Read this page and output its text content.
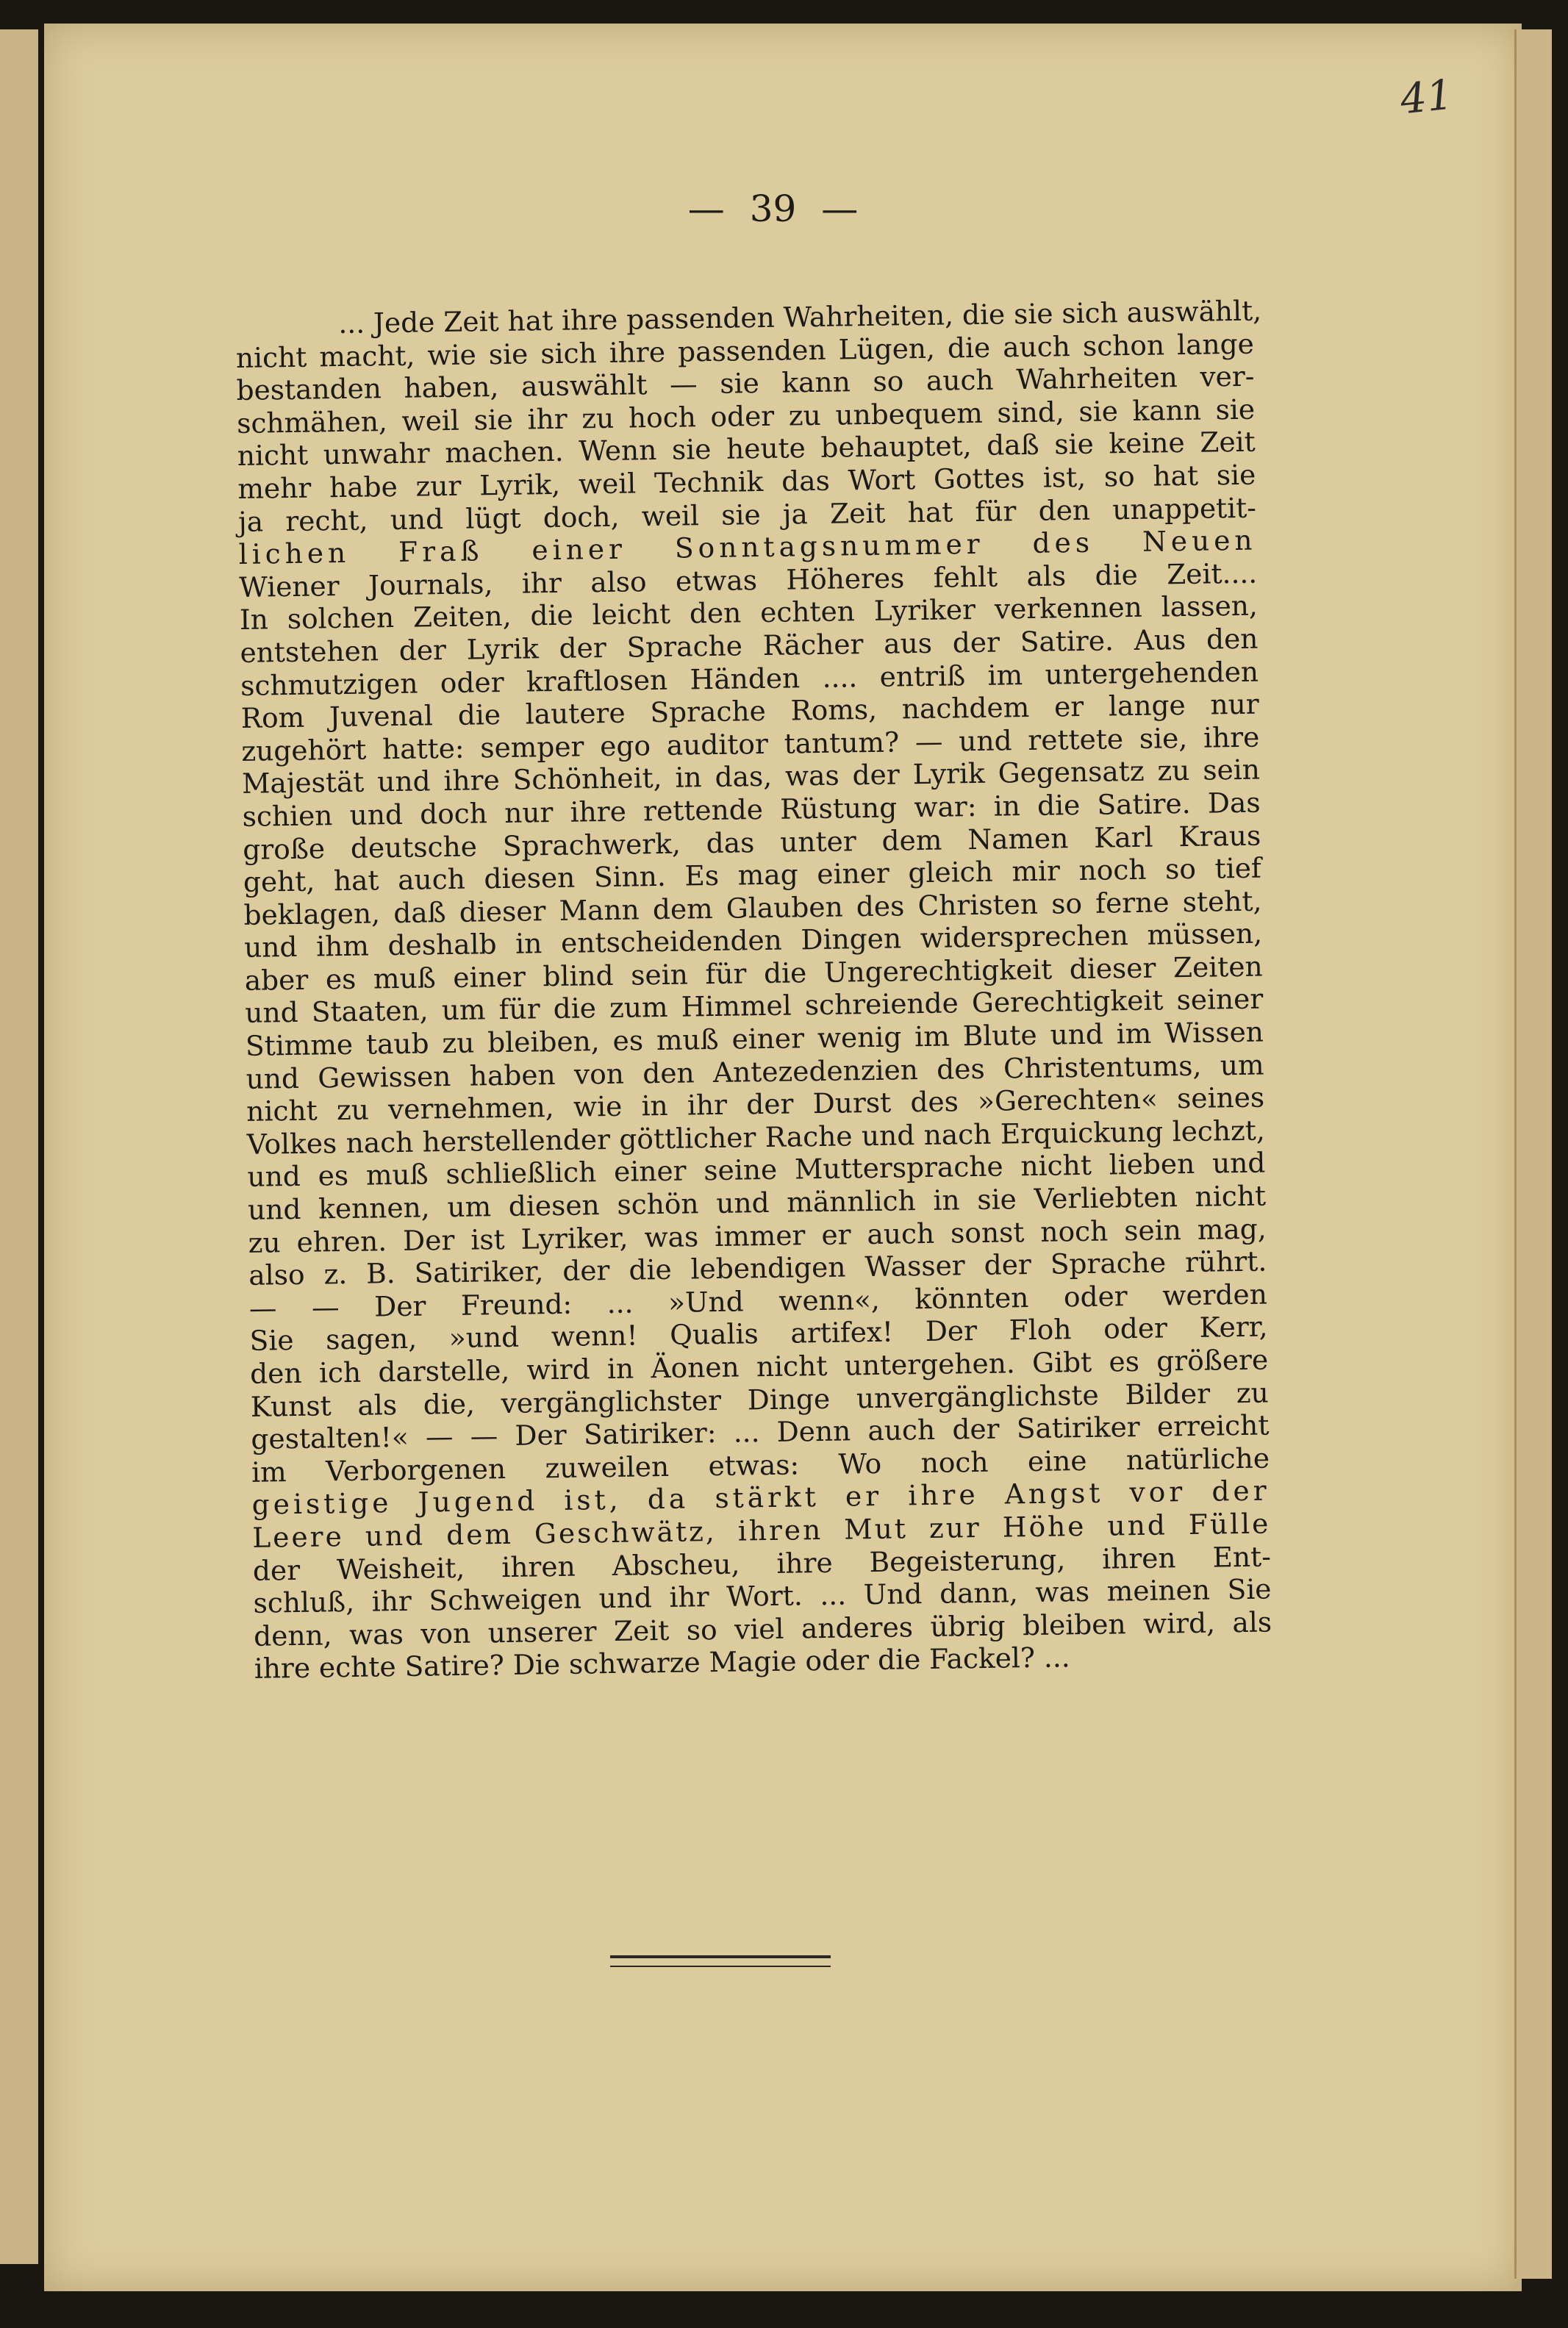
41
— 39 —
... Jede Zeit hat ihre passenden Wahrheiten, die sie sich auswählt,
nicht macht, wie sie sich ihre passenden Lügen, die auch schon lange
bestanden haben, auswählt — sie kann so auch Wahrheiten ver-
schmähen, weil sie ihr zu hoch oder zu unbequem sind, sie kann sie
nicht unwahr machen. Wenn sie heute behauptet, daß sie keine Zeit
mehr habe zur Lyrik, weil Technik das Wort Gottes ist, so hat sie
ja recht, und lügt doch, weil sie ja Zeit hat für den unappetit-
lichen Fraß einer Sonntagsnummer des Neuen
Wiener Journals, ihr also etwas Höheres fehlt als die Zeit....
In solchen Zeiten, die leicht den echten Lyriker verkennen lassen,
entstehen der Lyrik der Sprache Rächer aus der Satire. Aus den
schmutzigen oder kraftlosen Händen .... entriß im untergehenden
Rom Juvenal die lautere Sprache Roms, nachdem er lange nur
zugehört hatte: semper ego auditor tantum? — und rettete sie, ihre
Majestät und ihre Schönheit, in das, was der Lyrik Gegensatz zu sein
schien und doch nur ihre rettende Rüstung war: in die Satire. Das
große deutsche Sprachwerk, das unter dem Namen Karl Kraus
geht, hat auch diesen Sinn. Es mag einer gleich mir noch so tief
beklagen, daß dieser Mann dem Glauben des Christen so ferne steht,
und ihm deshalb in entscheidenden Dingen widersprechen müssen,
aber es muß einer blind sein für die Ungerechtigkeit dieser Zeiten
und Staaten, um für die zum Himmel schreiende Gerechtigkeit seiner
Stimme taub zu bleiben, es muß einer wenig im Blute und im Wissen
und Gewissen haben von den Antezedenzien des Christentums, um
nicht zu vernehmen, wie in ihr der Durst des »Gerechten« seines
Volkes nach herstellender göttlicher Rache und nach Erquickung lechzt,
und es muß schließlich einer seine Muttersprache nicht lieben und
und kennen, um diesen schön und männlich in sie Verliebten nicht
zu ehren. Der ist Lyriker, was immer er auch sonst noch sein mag,
also z. B. Satiriker, der die lebendigen Wasser der Sprache rührt.
— — Der Freund: ... »Und wenn«, könnten oder werden
Sie sagen, »und wenn! Qualis artifex! Der Floh oder Kerr,
den ich darstelle, wird in Äonen nicht untergehen. Gibt es größere
Kunst als die, vergänglichster Dinge unvergänglichste Bilder zu
gestalten!« — — Der Satiriker: ... Denn auch der Satiriker erreicht
im Verborgenen zuweilen etwas: Wo noch eine natürliche
geistige Jugend ist, da stärkt er ihre Angst vor der
Leere und dem Geschwätz, ihren Mut zur Höhe und Fülle
der Weisheit, ihren Abscheu, ihre Begeisterung, ihren Ent-
schluß, ihr Schweigen und ihr Wort. ... Und dann, was meinen Sie
denn, was von unserer Zeit so viel anderes übrig bleiben wird, als
ihre echte Satire? Die schwarze Magie oder die Fackel? ...
